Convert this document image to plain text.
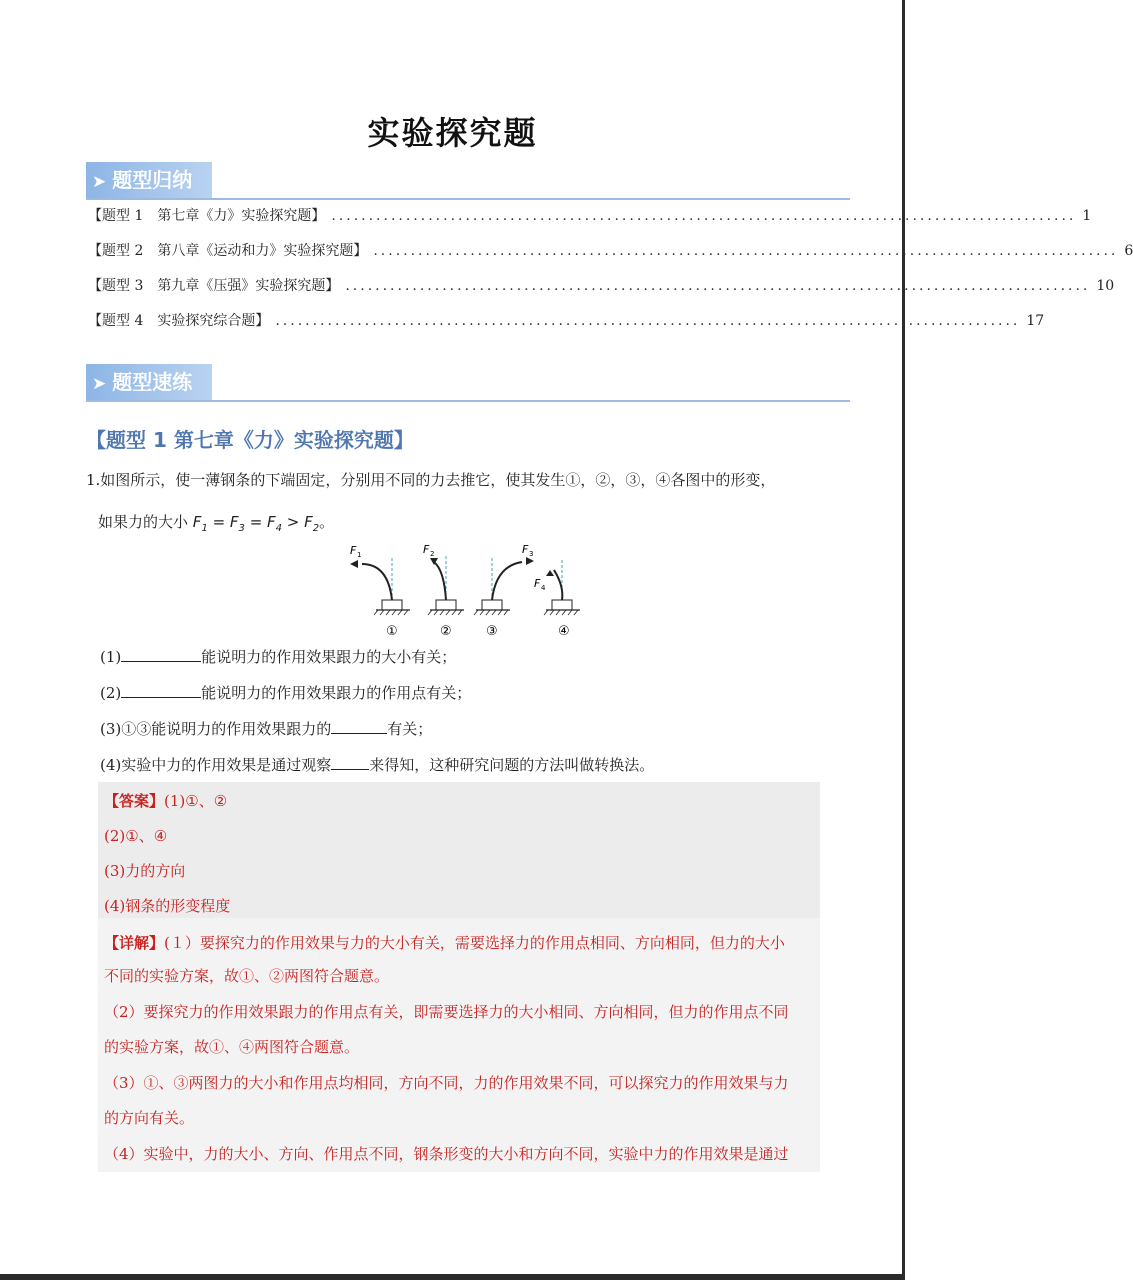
实验探究题
➤ 题型归纳
【题型 1　第七章《力》实验探究题】 .................................................................................................... 1
【题型 2　第八章《运动和力》实验探究题】 .................................................................................................... 6
【题型 3　第九章《压强》实验探究题】 .................................................................................................... 10
【题型 4　实验探究综合题】 .................................................................................................... 17
➤ 题型速练
【题型 1 第七章《力》实验探究题】
1.如图所示，使一薄钢条的下端固定，分别用不同的力去推它，使其发生①，②，③，④各图中的形变，
如果力的大小 $F_1 = F_3 = F_4 > F_2$。
F 1
①
F 2
②
F 3
③
F 4
④
(1)	能说明力的作用效果跟力的大小有关；
(2)	能说明力的作用效果跟力的作用点有关；
(3)①③能说明力的作用效果跟力的	有关；
(4)实验中力的作用效果是通过观察	来得知，这种研究问题的方法叫做转换法。
【答案】(1)①、②
(2)①、④
(3)力的方向
(4)钢条的形变程度
【详解】(１）要探究力的作用效果与力的大小有关，需要选择力的作用点相同、方向相同，但力的大小
不同的实验方案，故①、②两图符合题意。
（2）要探究力的作用效果跟力的作用点有关，即需要选择力的大小相同、方向相同，但力的作用点不同
的实验方案，故①、④两图符合题意。
（3）①、③两图力的大小和作用点均相同，方向不同，力的作用效果不同，可以探究力的作用效果与力
的方向有关。
（4）实验中，力的大小、方向、作用点不同，钢条形变的大小和方向不同，实验中力的作用效果是通过
